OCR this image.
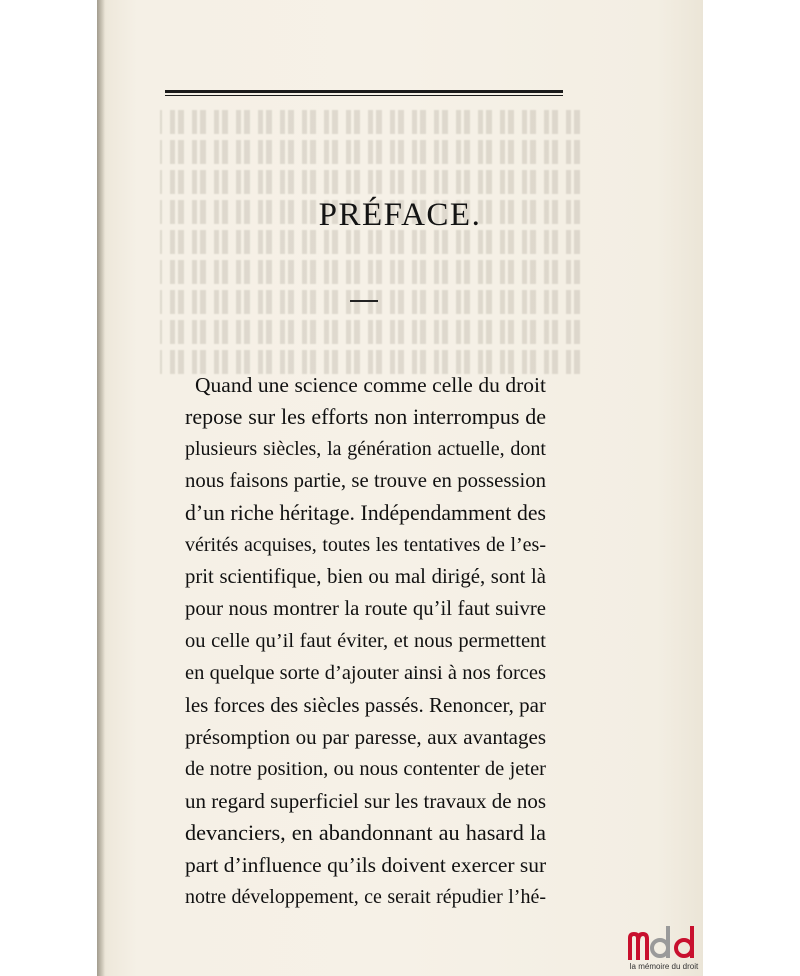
PRÉFACE.
Quand une science comme celle du droit
repose sur les efforts non interrompus de
plusieurs siècles, la génération actuelle, dont
nous faisons partie, se trouve en possession
d’un riche héritage. Indépendamment des
vérités acquises, toutes les tentatives de l’es-
prit scientifique, bien ou mal dirigé, sont là
pour nous montrer la route qu’il faut suivre
ou celle qu’il faut éviter, et nous permettent
en quelque sorte d’ajouter ainsi à nos forces
les forces des siècles passés. Renoncer, par
présomption ou par paresse, aux avantages
de notre position, ou nous contenter de jeter
un regard superficiel sur les travaux de nos
devanciers, en abandonnant au hasard la
part d’influence qu’ils doivent exercer sur
notre développement, ce serait répudier l’hé-
la mémoire du droit
